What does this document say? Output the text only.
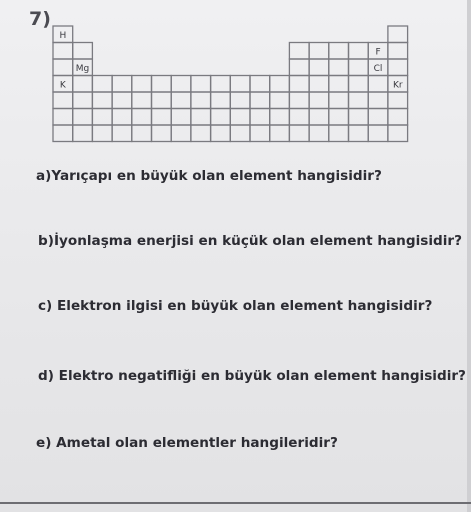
7)
H
Mg
K
F
Cl
Kr
a)Yarıçapı en büyük olan element hangisidir?
b)İyonlaşma enerjisi en küçük olan element hangisidir?
c) Elektron ilgisi en büyük olan element hangisidir?
d) Elektro negatifliği en büyük olan element hangisidir?
e) Ametal olan elementler hangileridir?
